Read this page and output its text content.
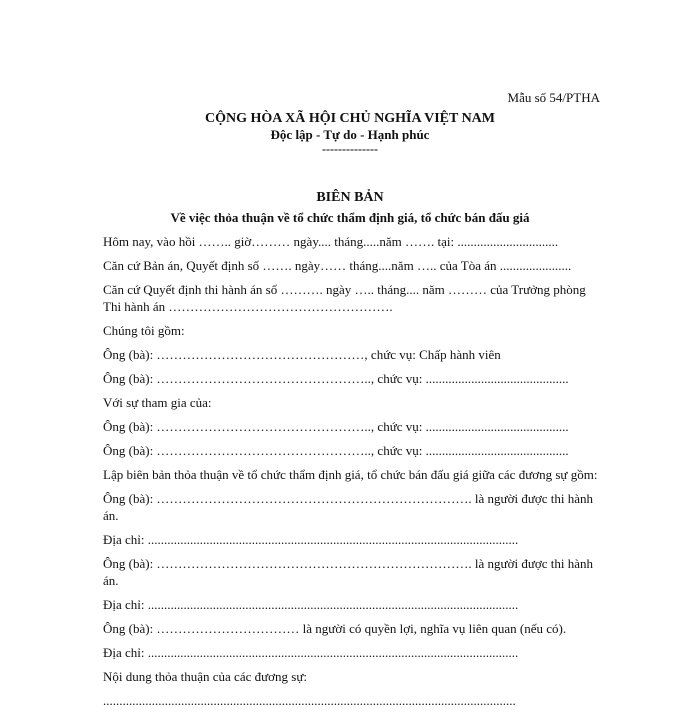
Mẫu số 54/PTHA
CỘNG HÒA XÃ HỘI CHỦ NGHĨA VIỆT NAM
Độc lập - Tự do - Hạnh phúc
--------------
BIÊN BẢN
Về việc thỏa thuận về tổ chức thẩm định giá, tổ chức bán đấu giá
Hôm nay, vào hồi …….. giờ……… ngày.... tháng.....năm ……. tại: ...............................
Căn cứ Bản án, Quyết định số ……. ngày…… tháng....năm ….. của Tòa án ......................
Căn cứ Quyết định thi hành án số ………. ngày ….. tháng.... năm ……… của Trưởng phòng Thi hành án …………………………………………….
Chúng tôi gồm:
Ông (bà): …………………………………………, chức vụ: Chấp hành viên
Ông (bà): ………………………………………….., chức vụ: ............................................
Với sự tham gia của:
Ông (bà): ………………………………………….., chức vụ: ............................................
Ông (bà): ………………………………………….., chức vụ: ............................................
Lập biên bản thỏa thuận về tổ chức thẩm định giá, tổ chức bán đấu giá giữa các đương sự gồm:
Ông (bà): ………………………………………………………………. là người được thi hành án.
Địa chỉ: ..................................................................................................................
Ông (bà): ………………………………………………………………. là người được thi hành án.
Địa chỉ: ..................................................................................................................
Ông (bà): …………………………… là người có quyền lợi, nghĩa vụ liên quan (nếu có).
Địa chỉ: ..................................................................................................................
Nội dung thỏa thuận của các đương sự:
...............................................................................................................................
